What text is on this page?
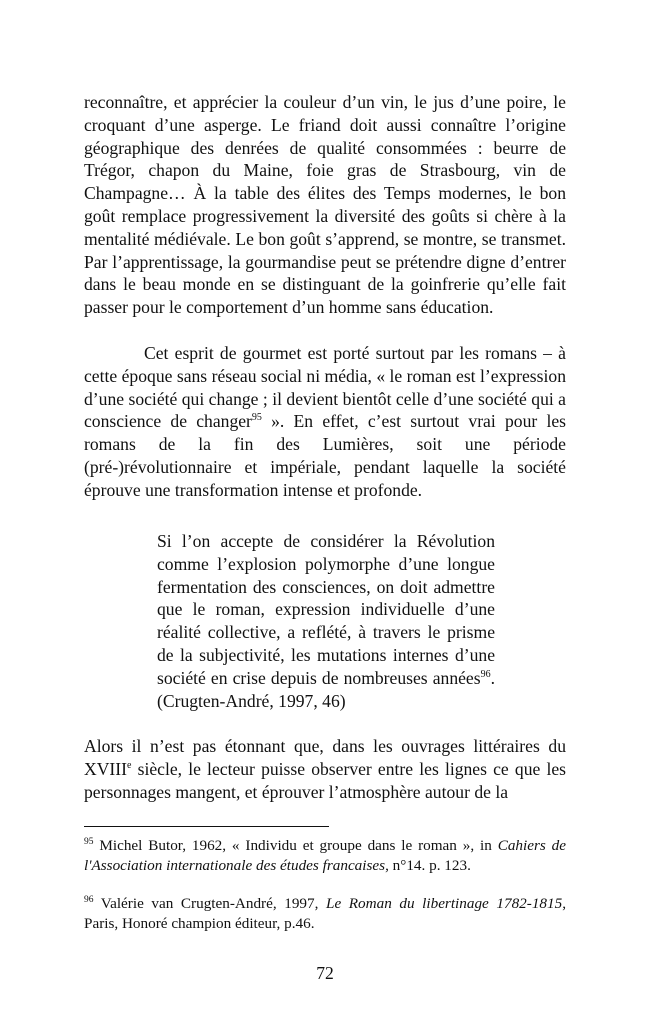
reconnaître, et apprécier la couleur d’un vin, le jus d’une poire, le croquant d’une asperge. Le friand doit aussi connaître l’origine géographique des denrées de qualité consommées : beurre de Trégor, chapon du Maine, foie gras de Strasbourg, vin de Champagne… À la table des élites des Temps modernes, le bon goût remplace progressivement la diversité des goûts si chère à la mentalité médiévale. Le bon goût s’apprend, se montre, se transmet. Par l’apprentissage, la gourmandise peut se prétendre digne d’entrer dans le beau monde en se distinguant de la goinfrerie qu’elle fait passer pour le comportement d’un homme sans éducation.

Cet esprit de gourmet est porté surtout par les romans – à cette époque sans réseau social ni média, « le roman est l’expression d’une société qui change ; il devient bientôt celle d’une société qui a conscience de changer$^{95}$ ». En effet, c’est surtout vrai pour les romans de la fin des Lumières, soit une période (pré-)révolutionnaire et impériale, pendant laquelle la société éprouve une transformation intense et profonde.

Si l’on accepte de considérer la Révolution comme l’explosion polymorphe d’une longue fermentation des consciences, on doit admettre que le roman, expression individuelle d’une réalité collective, a reflété, à travers le prisme de la subjectivité, les mutations internes d’une société en crise depuis de nombreuses années$^{96}$. (Crugten-André, 1997, 46)

Alors il n’est pas étonnant que, dans les ouvrages littéraires du XVIIIe siècle, le lecteur puisse observer entre les lignes ce que les personnages mangent, et éprouver l’atmosphère autour de la

$^{95}$ Michel Butor, 1962, « Individu et groupe dans le roman », in Cahiers de l'Association internationale des études francaises, n°14. p. 123.

$^{96}$ Valérie van Crugten-André, 1997, Le Roman du libertinage 1782-1815, Paris, Honoré champion éditeur, p.46.

72
